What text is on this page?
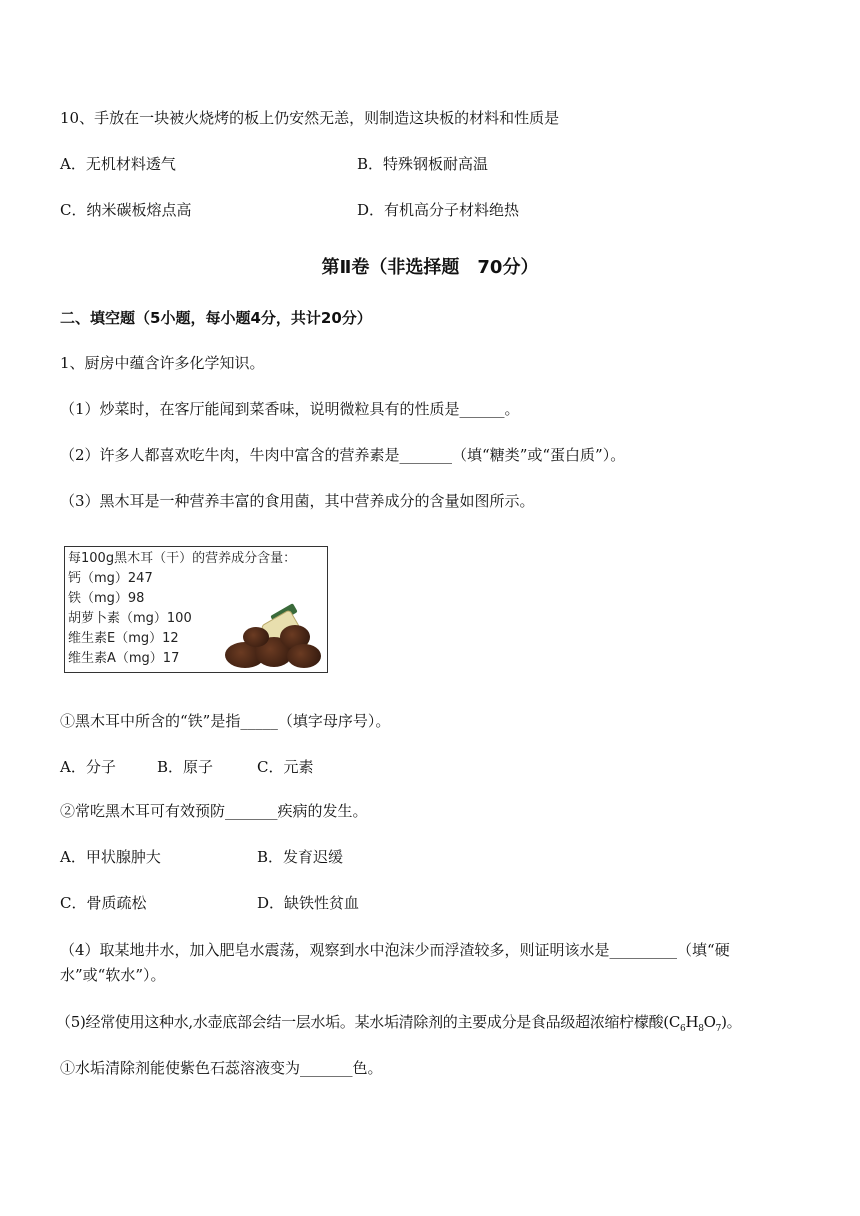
10、手放在一块被火烧烤的板上仍安然无恙，则制造这块板的材料和性质是
A．无机材料透气	B．特殊钢板耐高温
C．纳米碳板熔点高	D．有机高分子材料绝热
第Ⅱ卷（非选择题　70分）
二、填空题（5小题，每小题4分，共计20分）
1、厨房中蕴含许多化学知识。
（1）炒菜时，在客厅能闻到菜香味，说明微粒具有的性质是______。
（2）许多人都喜欢吃牛肉，牛肉中富含的营养素是_______（填“糖类”或“蛋白质”）。
（3）黑木耳是一种营养丰富的食用菌，其中营养成分的含量如图所示。
每100g黑木耳（干）的营养成分含量：
钙（mg）247
铁（mg）98
胡萝卜素（mg）100
维生素E（mg）12
维生素A（mg）17
①黑木耳中所含的“铁”是指_____（填字母序号）。
A．分子	B．原子	C．元素
②常吃黑木耳可有效预防_______疾病的发生。
A．甲状腺肿大	B．发育迟缓
C．骨质疏松	D．缺铁性贫血
（4）取某地井水，加入肥皂水震荡，观察到水中泡沫少而浮渣较多，则证明该水是_________（填“硬
水”或“软水”）。
（5)经常使用这种水,水壶底部会结一层水垢。某水垢清除剂的主要成分是食品级超浓缩柠檬酸$(C_6H_8O_7)$。
①水垢清除剂能使紫色石蕊溶液变为_______色。
